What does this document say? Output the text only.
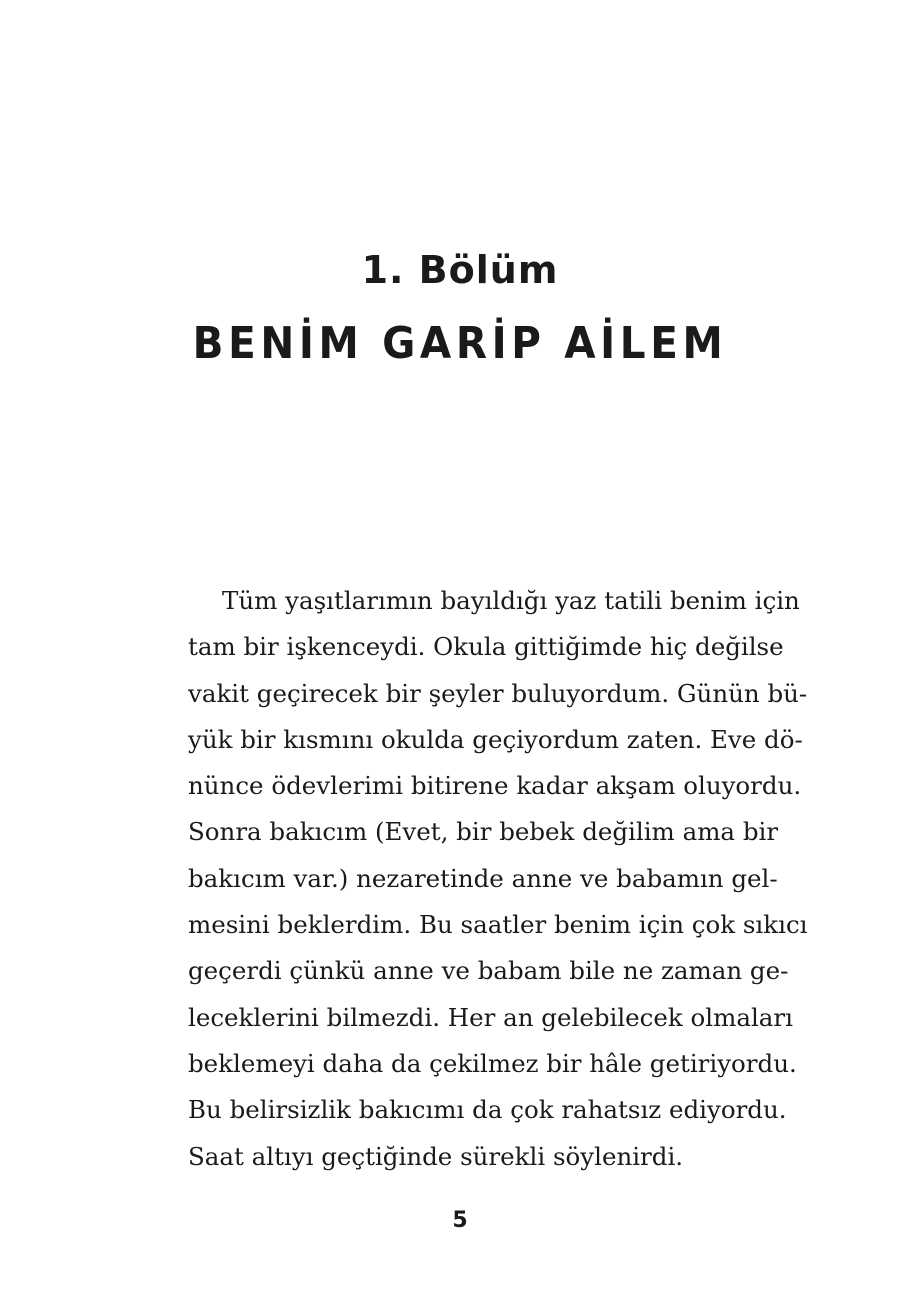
1. Bölüm
BENİM GARİP AİLEM
Tüm yaşıtlarımın bayıldığı yaz tatili benim için
tam bir işkenceydi. Okula gittiğimde hiç değilse
vakit geçirecek bir şeyler buluyordum. Günün bü-
yük bir kısmını okulda geçiyordum zaten. Eve dö-
nünce ödevlerimi bitirene kadar akşam oluyordu.
Sonra bakıcım (Evet, bir bebek değilim ama bir
bakıcım var.) nezaretinde anne ve babamın gel-
mesini beklerdim. Bu saatler benim için çok sıkıcı
geçerdi çünkü anne ve babam bile ne zaman ge-
leceklerini bilmezdi. Her an gelebilecek olmaları
beklemeyi daha da çekilmez bir hâle getiriyordu.
Bu belirsizlik bakıcımı da çok rahatsız ediyordu.
Saat altıyı geçtiğinde sürekli söylenirdi.
5
